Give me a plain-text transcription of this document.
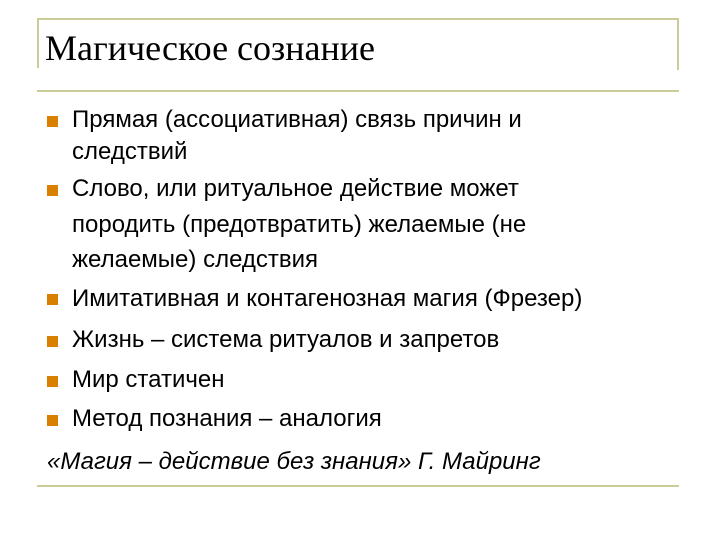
Магическое сознание
Прямая (ассоциативная) связь причин и
следствий
Слово, или ритуальное действие может
породить (предотвратить) желаемые (не
желаемые) следствия
Имитативная и контагенозная магия (Фрезер)
Жизнь – система ритуалов и запретов
Мир статичен
Метод познания – аналогия
«Магия – действие без знания» Г. Майринг
